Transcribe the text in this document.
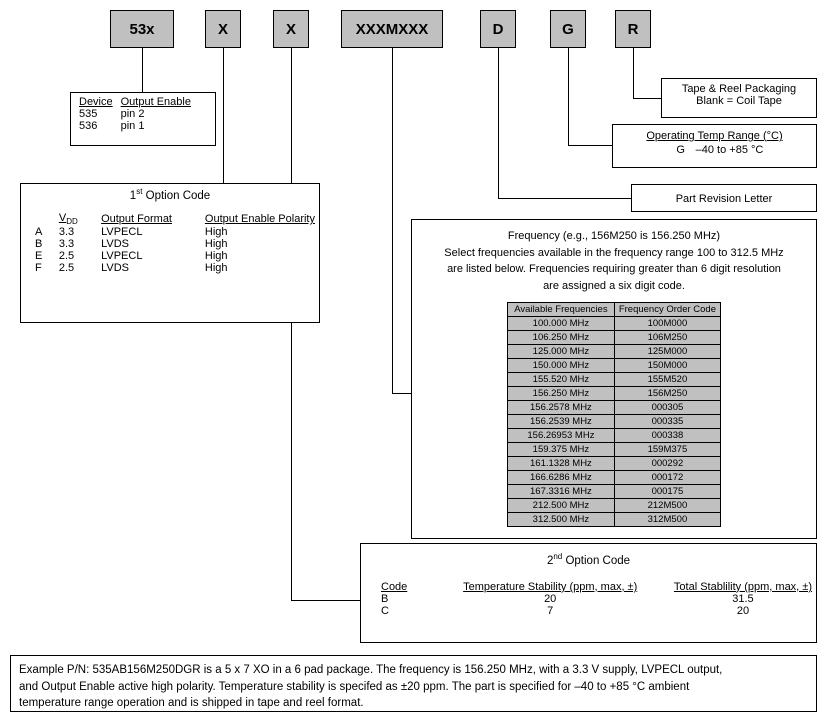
53x	X	X	XXXMXXX	D	G	R
Device	Output Enable
535	pin 2
536	pin 1
1st Option Code
	$V_{DD}$	Output Format	Output Enable Polarity
A	3.3	LVPECL	High
B	3.3	LVDS	High
E	2.5	LVPECL	High
F	2.5	LVDS	High
Tape & Reel Packaging
Blank = Coil Tape
Operating Temp Range (°C)
G –40 to +85 °C
Part Revision Letter
Frequency (e.g., 156M250 is 156.250 MHz)
Select frequencies available in the frequency range 100 to 312.5 MHz
are listed below. Frequencies requiring greater than 6 digit resolution
are assigned a six digit code.
Available Frequencies	Frequency Order Code
100.000 MHz	100M000
106.250 MHz	106M250
125.000 MHz	125M000
150.000 MHz	150M000
155.520 MHz	155M520
156.250 MHz	156M250
156.2578 MHz	000305
156.2539 MHz	000335
156.26953 MHz	000338
159.375 MHz	159M375
161.1328 MHz	000292
166.6286 MHz	000172
167.3316 MHz	000175
212.500 MHz	212M500
312.500 MHz	312M500
2nd Option Code
Code	Temperature Stability (ppm, max, ±)	Total Stablility (ppm, max, ±)
B	20	31.5
C	7	20
Example P/N: 535AB156M250DGR is a 5 x 7 XO in a 6 pad package. The frequency is 156.250 MHz, with a 3.3 V supply, LVPECL output,
and Output Enable active high polarity. Temperature stability is specifed as ±20 ppm. The part is specified for –40 to +85 °C ambient
temperature range operation and is shipped in tape and reel format.
